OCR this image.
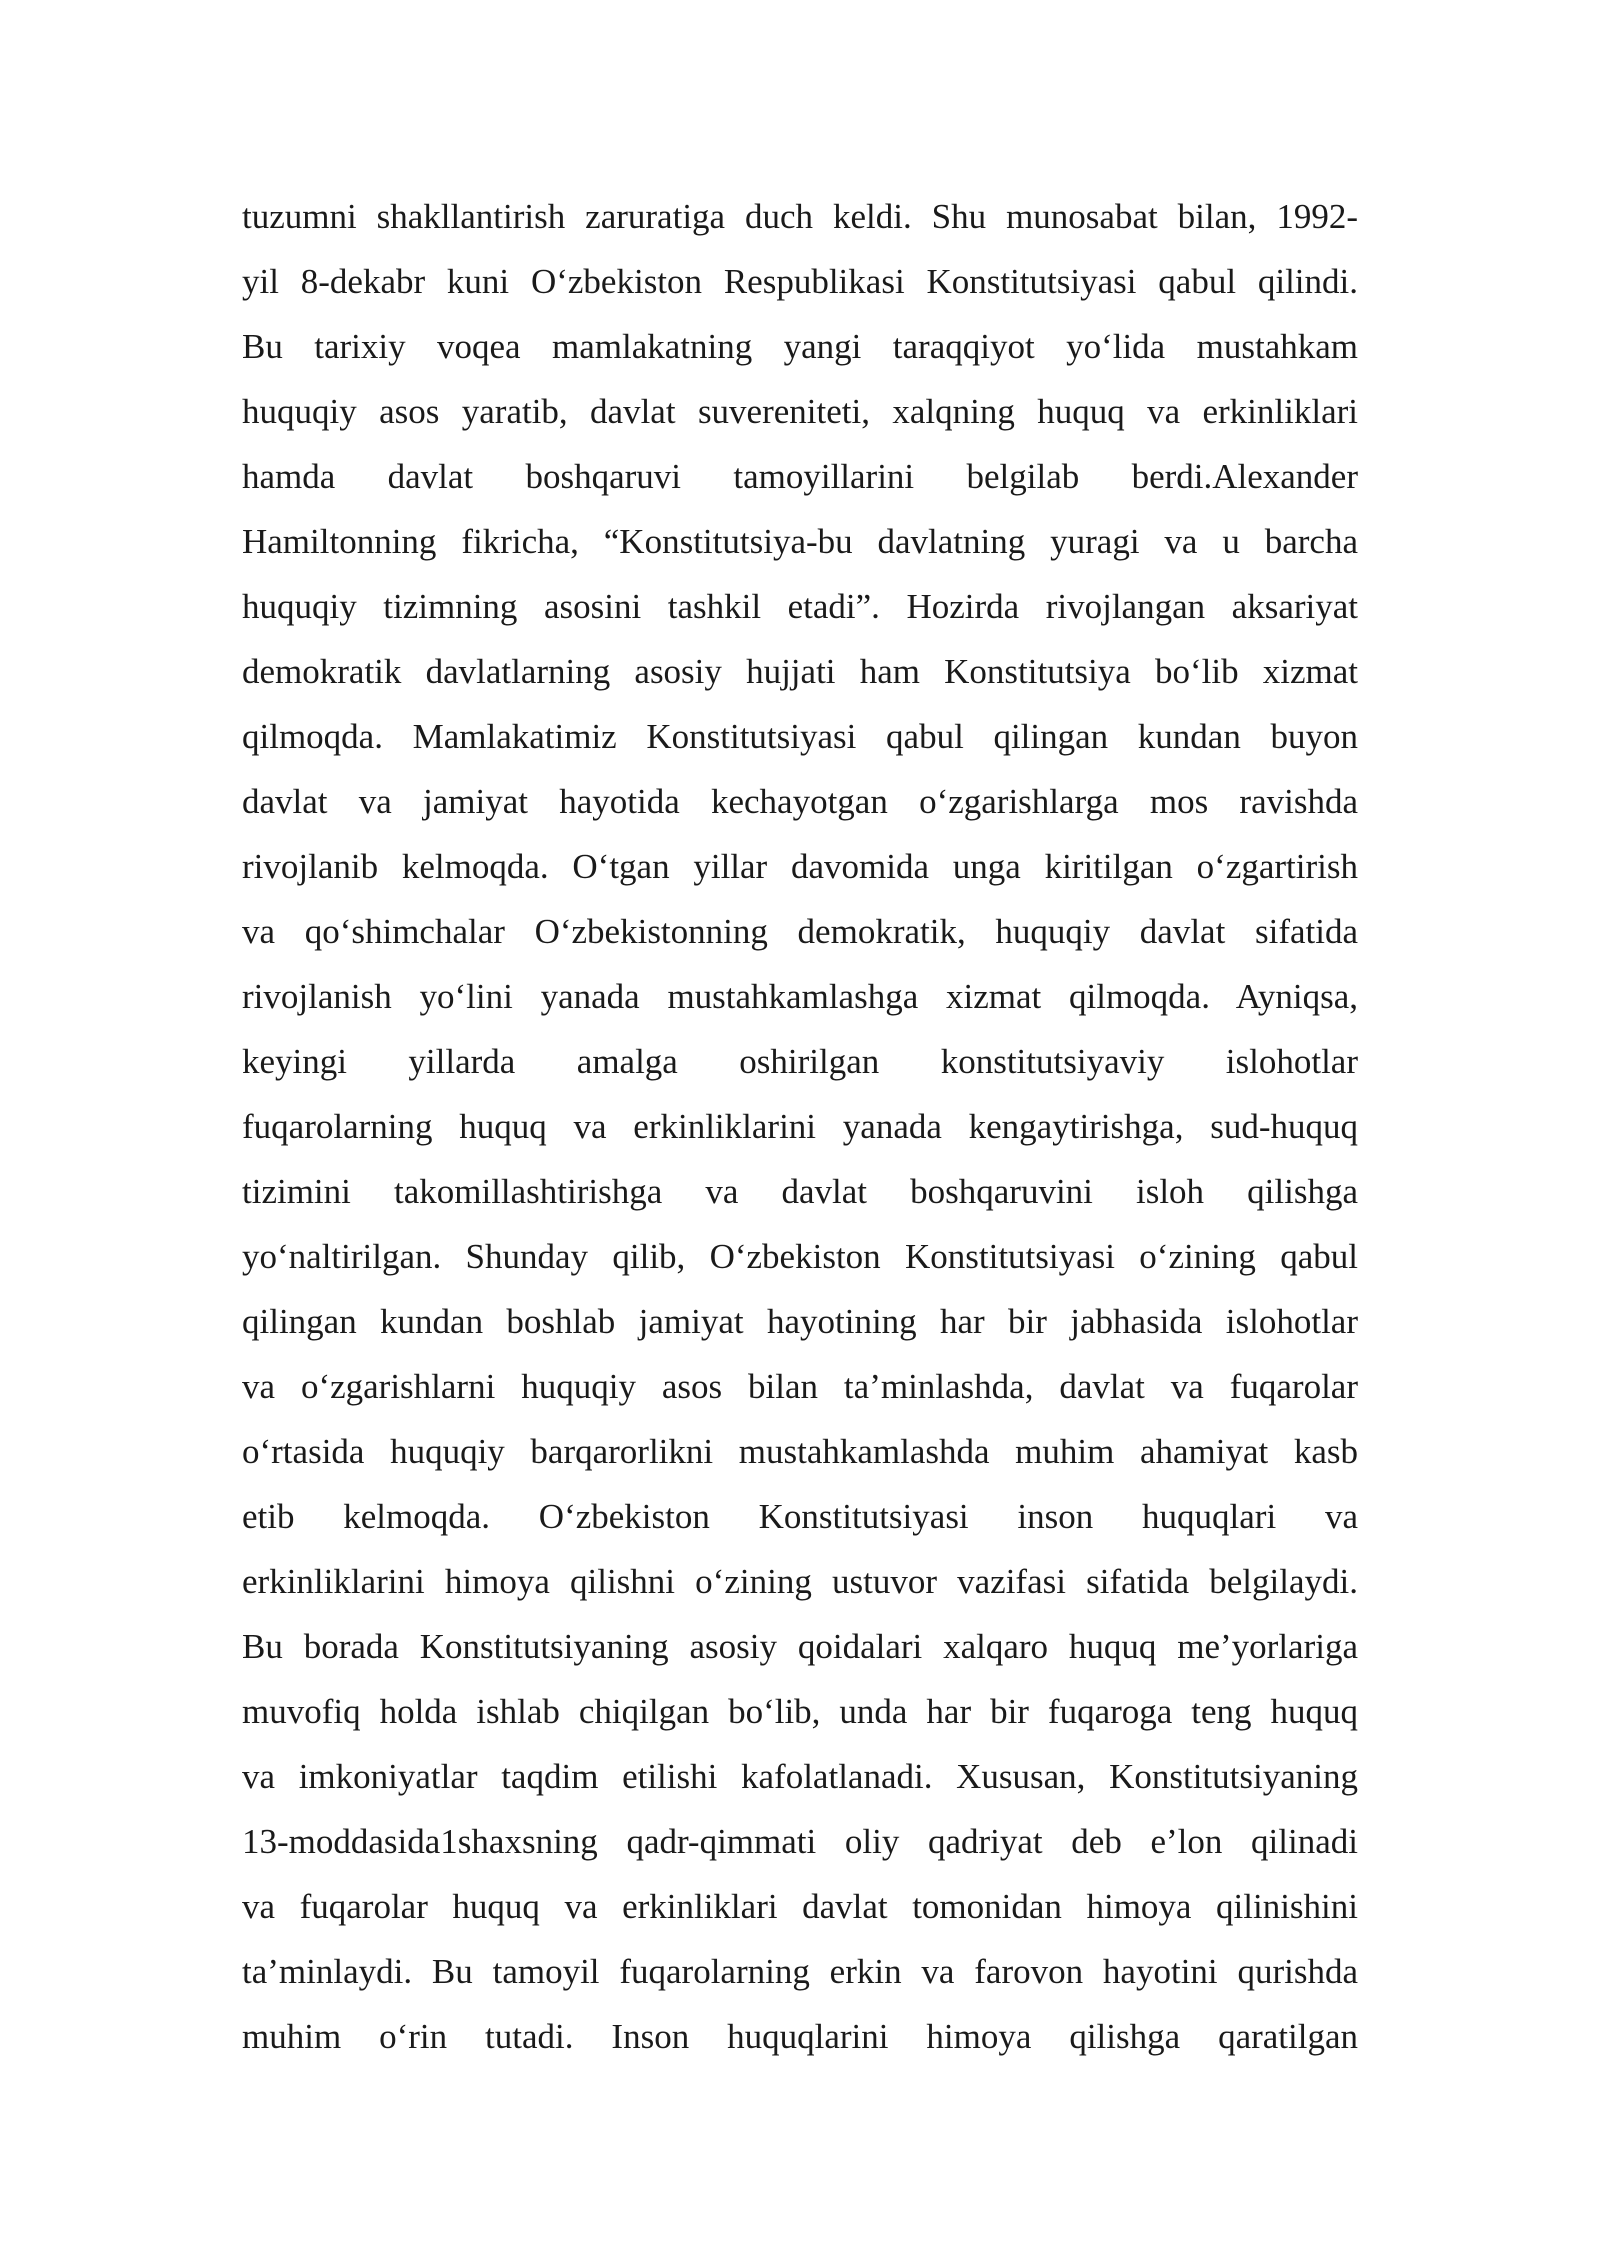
tuzumni shakllantirish zaruratiga duch keldi. Shu munosabat bilan, 1992-
yil 8-dekabr kuni O‘zbekiston Respublikasi Konstitutsiyasi qabul qilindi.
Bu tarixiy voqea mamlakatning yangi taraqqiyot yo‘lida mustahkam
huquqiy asos yaratib, davlat suvereniteti, xalqning huquq va erkinliklari
hamda davlat boshqaruvi tamoyillarini belgilab berdi.Alexander
Hamiltonning fikricha, “Konstitutsiya-bu davlatning yuragi va u barcha
huquqiy tizimning asosini tashkil etadi”. Hozirda rivojlangan aksariyat
demokratik davlatlarning asosiy hujjati ham Konstitutsiya bo‘lib xizmat
qilmoqda. Mamlakatimiz Konstitutsiyasi qabul qilingan kundan buyon
davlat va jamiyat hayotida kechayotgan o‘zgarishlarga mos ravishda
rivojlanib kelmoqda. O‘tgan yillar davomida unga kiritilgan o‘zgartirish
va qo‘shimchalar O‘zbekistonning demokratik, huquqiy davlat sifatida
rivojlanish yo‘lini yanada mustahkamlashga xizmat qilmoqda. Ayniqsa,
keyingi yillarda amalga oshirilgan konstitutsiyaviy islohotlar
fuqarolarning huquq va erkinliklarini yanada kengaytirishga, sud-huquq
tizimini takomillashtirishga va davlat boshqaruvini isloh qilishga
yo‘naltirilgan. Shunday qilib, O‘zbekiston Konstitutsiyasi o‘zining qabul
qilingan kundan boshlab jamiyat hayotining har bir jabhasida islohotlar
va o‘zgarishlarni huquqiy asos bilan ta’minlashda, davlat va fuqarolar
o‘rtasida huquqiy barqarorlikni mustahkamlashda muhim ahamiyat kasb
etib kelmoqda. O‘zbekiston Konstitutsiyasi inson huquqlari va
erkinliklarini himoya qilishni o‘zining ustuvor vazifasi sifatida belgilaydi.
Bu borada Konstitutsiyaning asosiy qoidalari xalqaro huquq me’yorlariga
muvofiq holda ishlab chiqilgan bo‘lib, unda har bir fuqaroga teng huquq
va imkoniyatlar taqdim etilishi kafolatlanadi. Xususan, Konstitutsiyaning
13-moddasida1shaxsning qadr-qimmati oliy qadriyat deb e’lon qilinadi
va fuqarolar huquq va erkinliklari davlat tomonidan himoya qilinishini
ta’minlaydi. Bu tamoyil fuqarolarning erkin va farovon hayotini qurishda
muhim o‘rin tutadi. Inson huquqlarini himoya qilishga qaratilgan
